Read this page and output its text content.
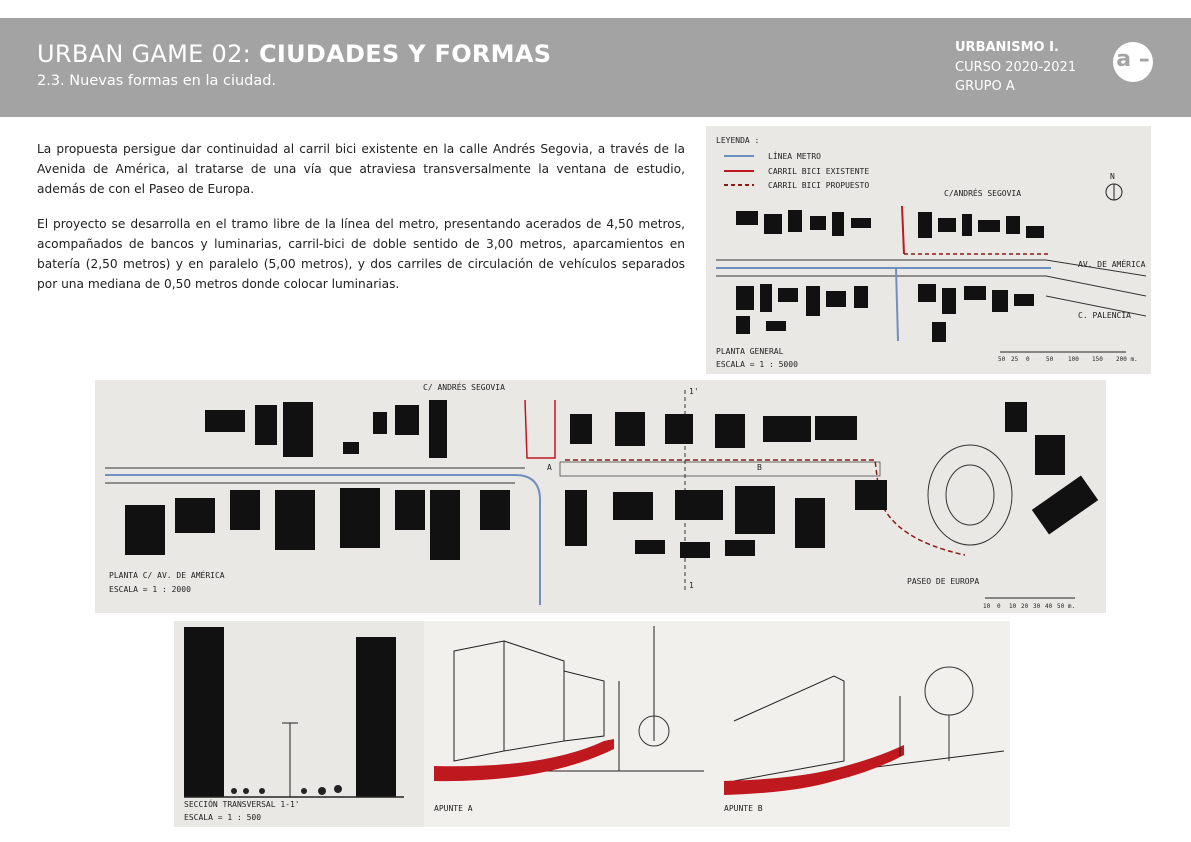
URBAN GAME 02: CIUDADES Y FORMAS
2.3. Nuevas formas en la ciudad.
URBANISMO I.
CURSO 2020-2021
GRUPO A
a –

La propuesta persigue dar continuidad al carril bici existente en la calle Andrés Segovia, a través de la Avenida de América, al tratarse de una vía que atraviesa transversalmente la ventana de estudio, además de con el Paseo de Europa.

El proyecto se desarrolla en el tramo libre de la línea del metro, presentando acerados de 4,50 metros, acompañados de bancos y luminarias, carril-bici de doble sentido de 3,00 metros, aparcamientos en batería (2,50 metros) y en paralelo (5,00 metros), y dos carriles de circulación de vehículos separados por una mediana de 0,50 metros donde colocar luminarias.

LEYENDA :
LÍNEA METRO
CARRIL BICI EXISTENTE
CARRIL BICI PROPUESTO
N
C/ANDRÉS SEGOVIA
AV. DE AMÉRICA
C. PALENCIA
PLANTA GENERAL
ESCALA = 1 : 5000
50 25 0	50 100 150 200 m.
C/ ANDRÉS SEGOVIA	1'
1
A	B
PLANTA C/ AV. DE AMÉRICA
ESCALA = 1 : 2000
PASEO DE EUROPA
10 0 10 20 30 40 50 m.
SECCIÓN TRANSVERSAL 1-1'
ESCALA = 1 : 500
APUNTE A	APUNTE B
